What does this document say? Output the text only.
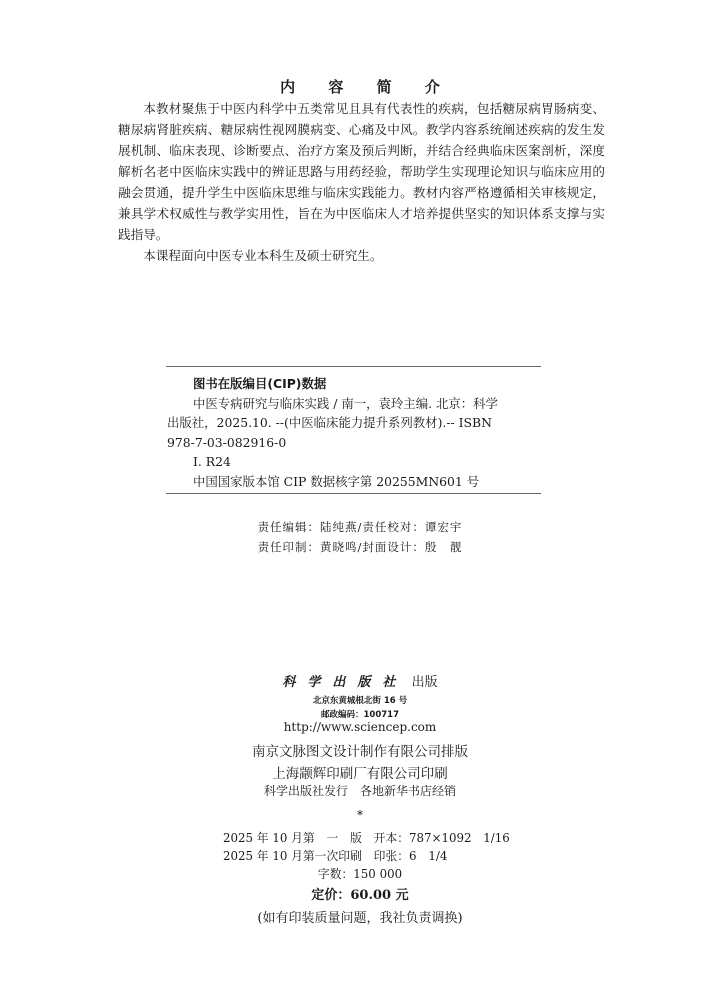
内 容 简 介

本教材聚焦于中医内科学中五类常见且具有代表性的疾病，包括糖尿病胃肠病变、糖尿病肾脏疾病、糖尿病性视网膜病变、心痛及中风。教学内容系统阐述疾病的发生发展机制、临床表现、诊断要点、治疗方案及预后判断，并结合经典临床医案剖析，深度解析名老中医临床实践中的辨证思路与用药经验，帮助学生实现理论知识与临床应用的融会贯通，提升学生中医临床思维与临床实践能力。教材内容严格遵循相关审核规定，兼具学术权威性与教学实用性，旨在为中医临床人才培养提供坚实的知识体系支撑与实践指导。

本课程面向中医专业本科生及硕士研究生。

图书在版编目(CIP)数据
中医专病研究与临床实践 / 南一，袁玲主编. 北京：科学
出版社，2025.10. --(中医临床能力提升系列教材).-- ISBN
978-7-03-082916-0
Ⅰ. R24
中国国家版本馆 CIP 数据核字第 20255MN601 号
责任编辑：陆纯燕/责任校对：谭宏宇
责任印制：黄晓鸣/封面设计：殷　靓
科学出版社 出版
北京东黄城根北街 16 号
邮政编码：100717
http://www.sciencep.com
南京文脉图文设计制作有限公司排版
上海颛辉印刷厂有限公司印刷
科学出版社发行　各地新华书店经销
*
2025 年 10 月第　一　版　开本：787×1092　1/16
2025 年 10 月第一次印刷　印张：6　1/4
字数：150 000
定价：60.00 元
(如有印装质量问题，我社负责调换)
